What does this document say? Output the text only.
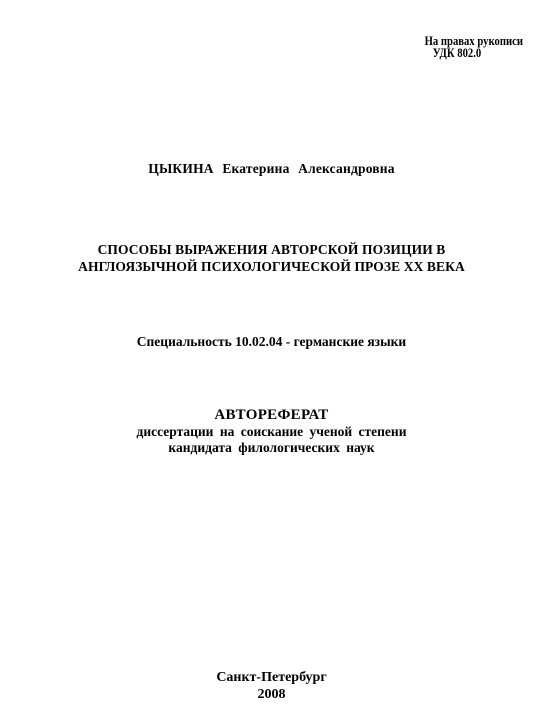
На правах рукописи
УДК 802.0
ЦЫКИНА Екатерина Александровна
СПОСОБЫ ВЫРАЖЕНИЯ АВТОРСКОЙ ПОЗИЦИИ В
АНГЛОЯЗЫЧНОЙ ПСИХОЛОГИЧЕСКОЙ ПРОЗЕ XX ВЕКА
Специальность 10.02.04 - германские языки
АВТОРЕФЕРАТ
диссертации на соискание ученой степени
кандидата филологических наук
Санкт-Петербург
2008
